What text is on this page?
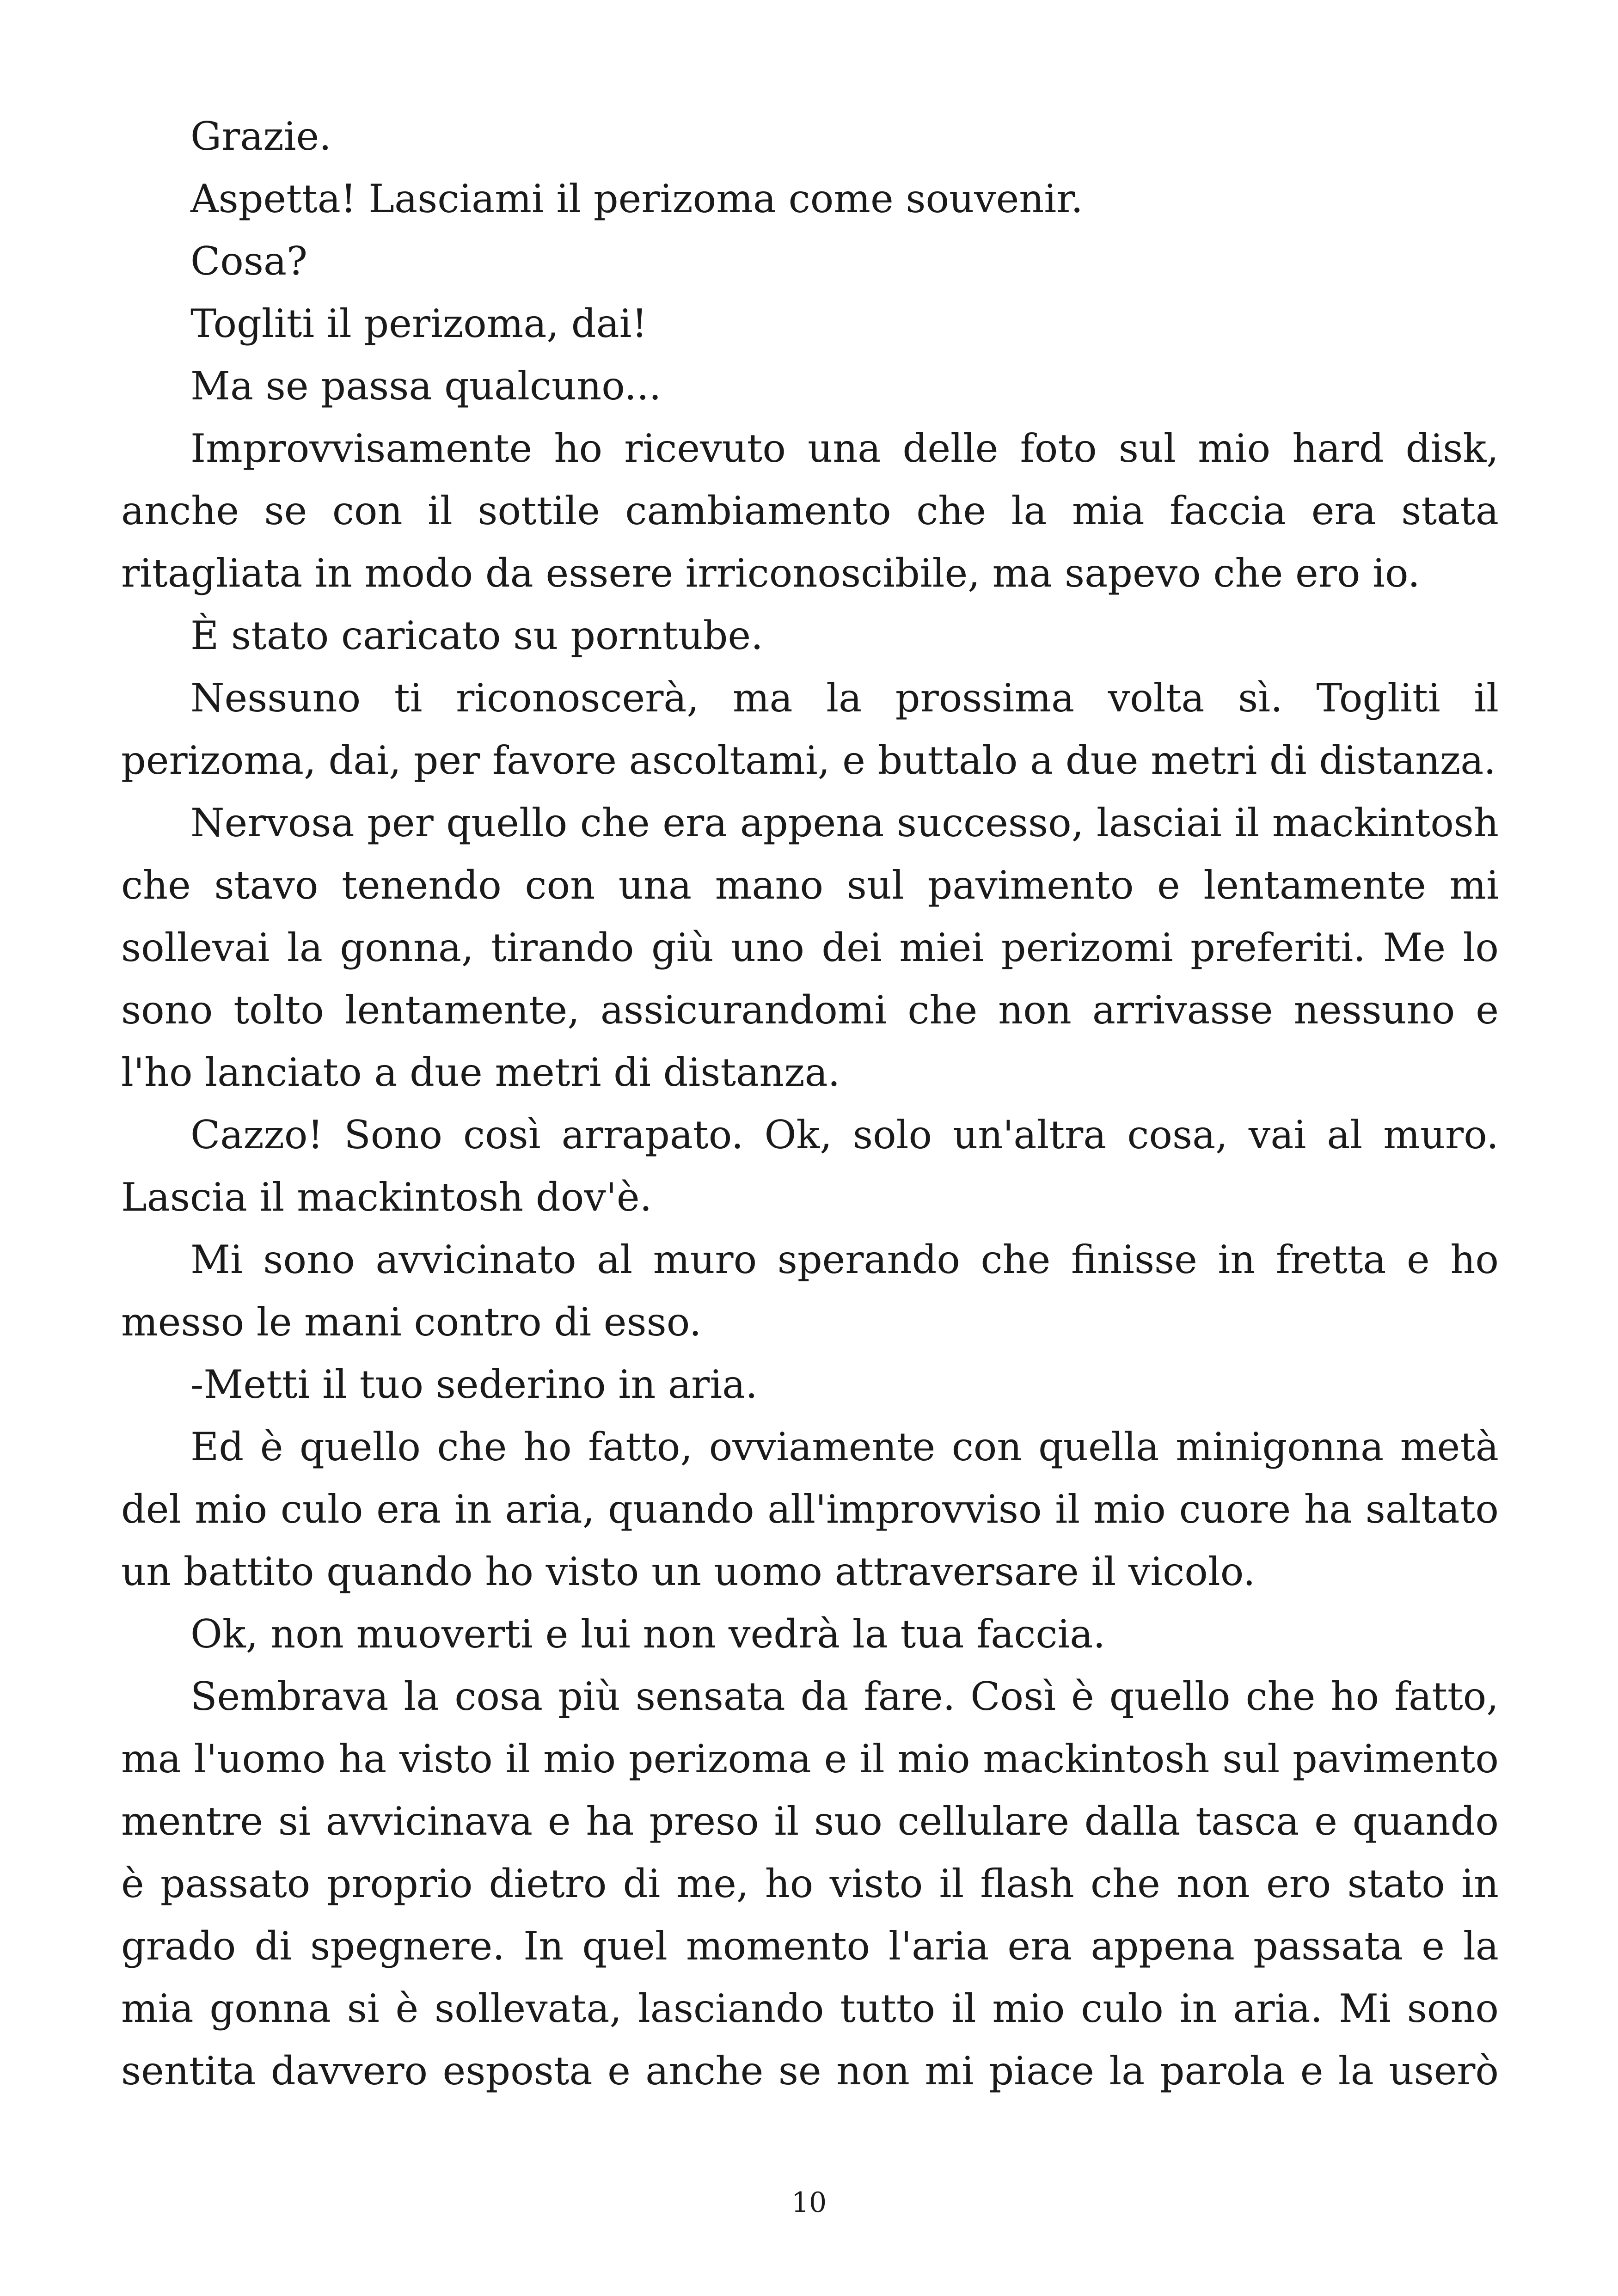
Grazie.

Aspetta! Lasciami il perizoma come souvenir.

Cosa?

Togliti il perizoma, dai!

Ma se passa qualcuno...

Improvvisamente ho ricevuto una delle foto sul mio hard disk, anche se con il sottile cambiamento che la mia faccia era stata ritagliata in modo da essere irriconoscibile, ma sapevo che ero io.

È stato caricato su porntube.

Nessuno ti riconoscerà, ma la prossima volta sì. Togliti il perizoma, dai, per favore ascoltami, e buttalo a due metri di distanza.

Nervosa per quello che era appena successo, lasciai il mackintosh che stavo tenendo con una mano sul pavimento e lentamente mi sollevai la gonna, tirando giù uno dei miei perizomi preferiti. Me lo sono tolto lentamente, assicurandomi che non arrivasse nessuno e l'ho lanciato a due metri di distanza.

Cazzo! Sono così arrapato. Ok, solo un'altra cosa, vai al muro. Lascia il mackintosh dov'è.

Mi sono avvicinato al muro sperando che finisse in fretta e ho messo le mani contro di esso.

-Metti il tuo sederino in aria.

Ed è quello che ho fatto, ovviamente con quella minigonna metà del mio culo era in aria, quando all'improvviso il mio cuore ha saltato un battito quando ho visto un uomo attraversare il vicolo.

Ok, non muoverti e lui non vedrà la tua faccia.

Sembrava la cosa più sensata da fare. Così è quello che ho fatto, ma l'uomo ha visto il mio perizoma e il mio mackintosh sul pavimento mentre si avvicinava e ha preso il suo cellulare dalla tasca e quando è passato proprio dietro di me, ho visto il flash che non ero stato in grado di spegnere. In quel momento l'aria era appena passata e la mia gonna si è sollevata, lasciando tutto il mio culo in aria. Mi sono sentita davvero esposta e anche se non mi piace la parola e la userò

10
